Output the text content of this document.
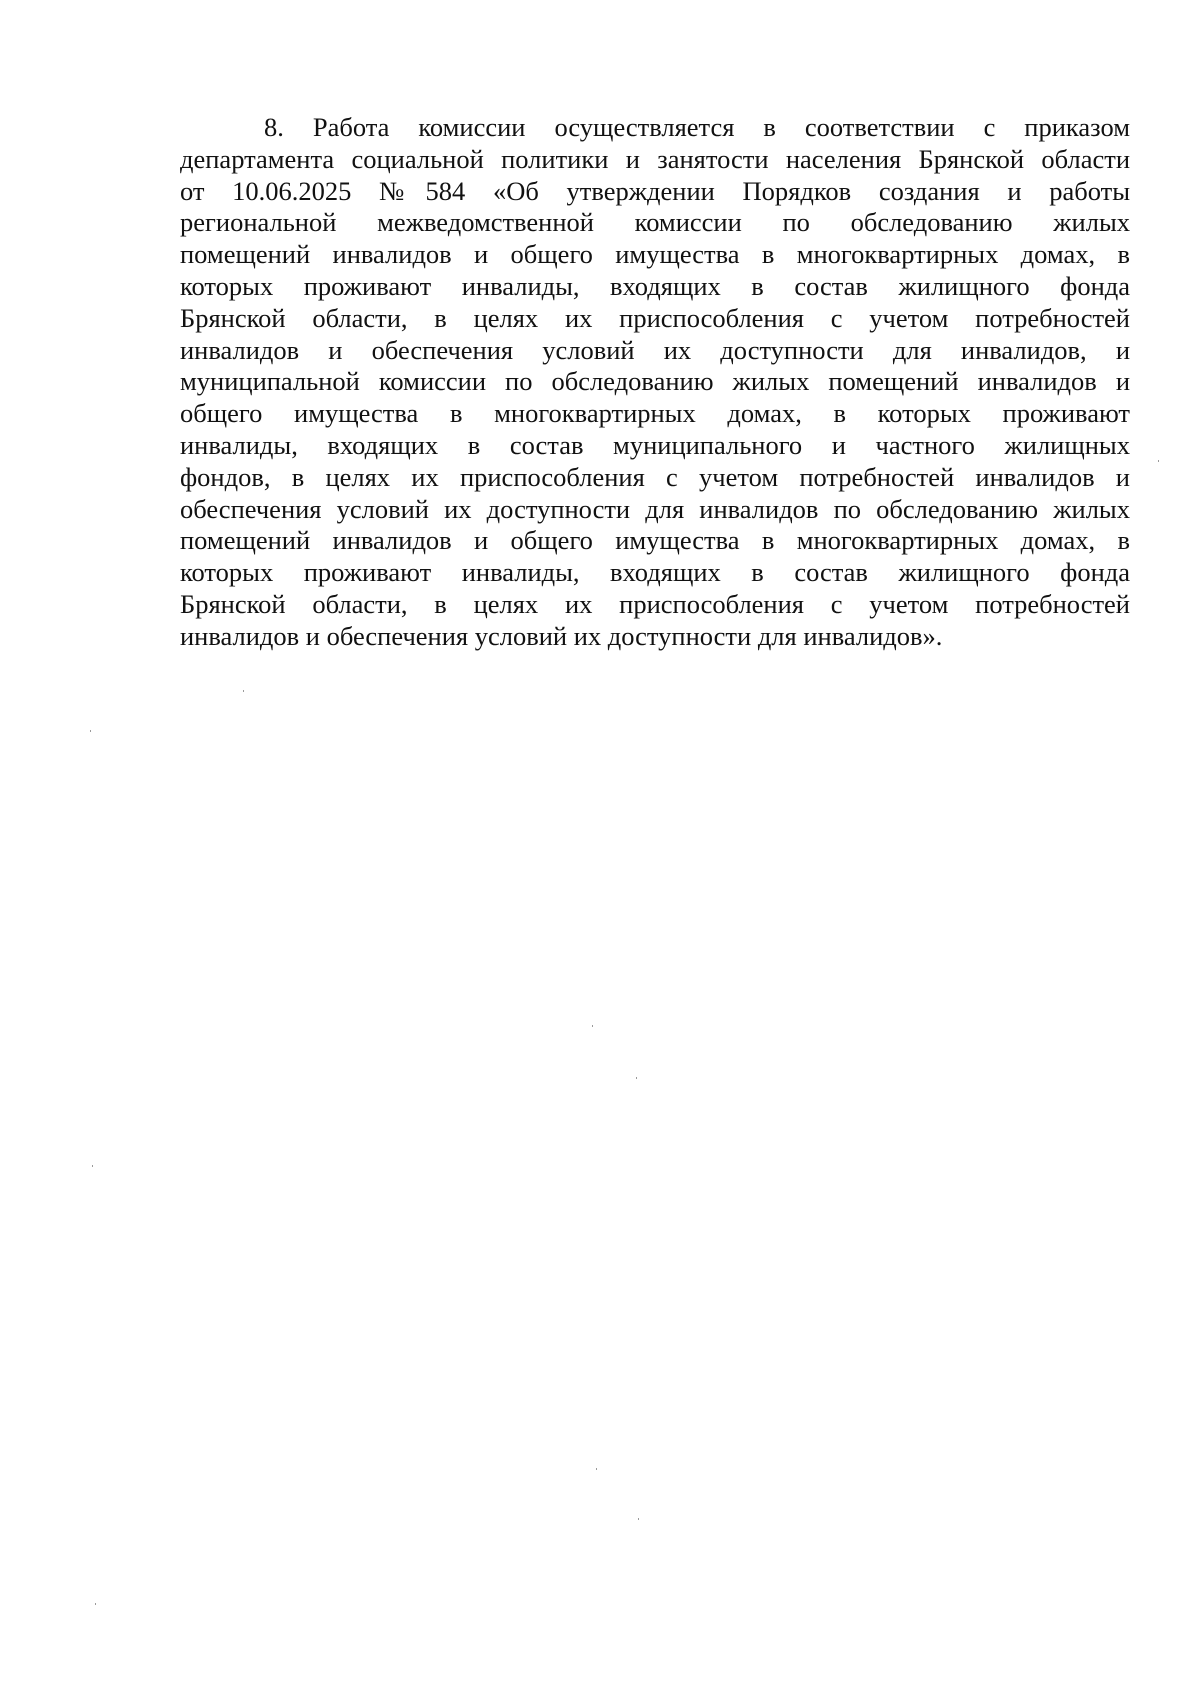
8. Работа комиссии осуществляется в соответствии с приказом
департамента социальной политики и занятости населения Брянской области
от 10.06.2025 №584 «Об утверждении Порядков создания и работы
региональной межведомственной комиссии по обследованию жилых
помещений инвалидов и общего имущества в многоквартирных домах, в
которых проживают инвалиды, входящих в состав жилищного фонда
Брянской области, в целях их приспособления с учетом потребностей
инвалидов и обеспечения условий их доступности для инвалидов, и
муниципальной комиссии по обследованию жилых помещений инвалидов и
общего имущества в многоквартирных домах, в которых проживают
инвалиды, входящих в состав муниципального и частного жилищных
фондов, в целях их приспособления с учетом потребностей инвалидов и
обеспечения условий их доступности для инвалидов по обследованию жилых
помещений инвалидов и общего имущества в многоквартирных домах, в
которых проживают инвалиды, входящих в состав жилищного фонда
Брянской области, в целях их приспособления с учетом потребностей
инвалидов и обеспечения условий их доступности для инвалидов».
